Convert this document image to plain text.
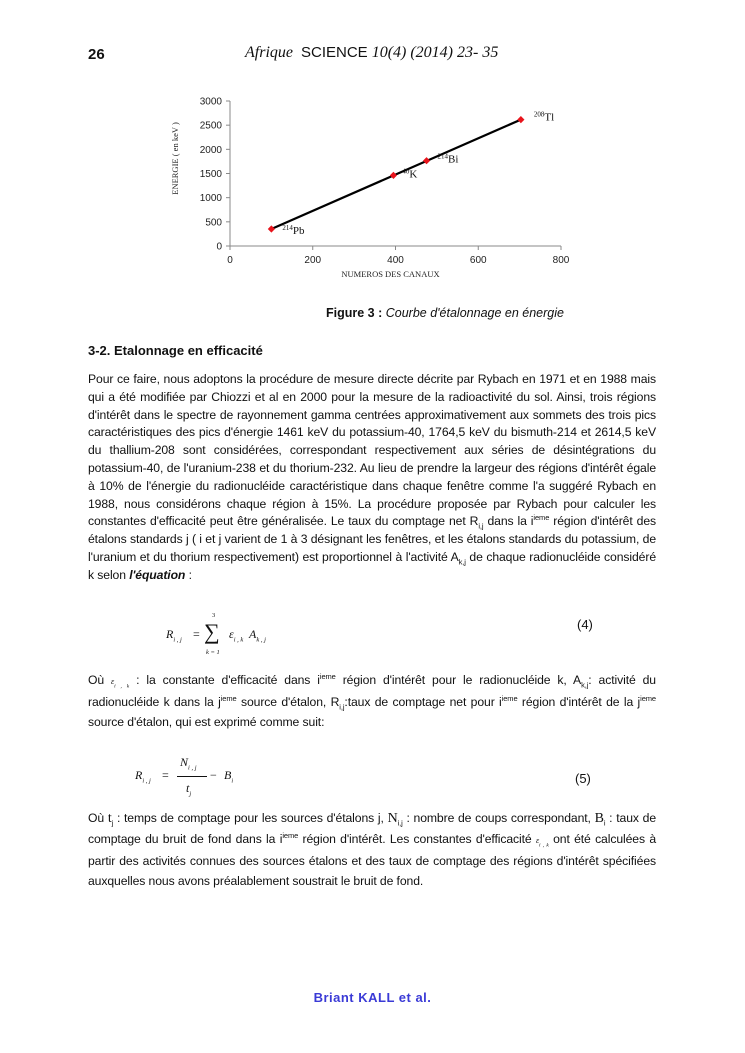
26	Afrique SCIENCE 10(4) (2014) 23- 35
0
500
1000
1500
2000
2500
3000
0	200	400	600	800
NUMEROS DES CANAUX
ENERGIE ( en keV )
$^{214}$Pb
$^{40}$K
$^{214}$Bi
$^{208}$Tl
Figure 3 : Courbe d'étalonnage en énergie
3-2. Etalonnage en efficacité
Pour ce faire, nous adoptons la procédure de mesure directe décrite par Rybach en 1971 et en 1988 mais qui a été modifiée par Chiozzi et al en 2000 pour la mesure de la radioactivité du sol. Ainsi, trois régions d'intérêt dans le spectre de rayonnement gamma centrées approximativement aux sommets des trois pics caractéristiques des pics d'énergie 1461 keV du potassium-40, 1764,5 keV du bismuth-214 et 2614,5 keV du thallium-208 sont considérées, correspondant respectivement aux séries de désintégrations du potassium-40, de l'uranium-238 et du thorium-232. Au lieu de prendre la largeur des régions d'intérêt égale à 10% de l'énergie du radionucléide caractéristique dans chaque fenêtre comme l'a suggéré Rybach en 1988, nous considérons chaque région à 15%. La procédure proposée par Rybach pour calculer les constantes d'efficacité peut être généralisée. Le taux du comptage net $R_{i,j}$ dans la $i^{ieme}$ région d'intérêt des étalons standards j ( i et j varient de 1 à 3 désignant les fenêtres, et les étalons standards du potassium, de l'uranium et du thorium respectivement) est proportionnel à l'activité $A_{k,j}$ de chaque radionucléide considéré k selon l'équation :
$R_{i , j}$ =
3
∑
k = 1
$\varepsilon_{i , k}$ $A_{k , j}$
(4)
Où $\varepsilon_{i , k}$ : la constante d'efficacité dans $i^{ieme}$ région d'intérêt pour le radionucléide k, $A_{k,j}$: activité du radionucléide k dans la $j^{ieme}$ source d'étalon, $R_{i,j}:taux$ de comptage net pour $i^{ieme}$ région d'intérêt de la $j^{ieme}$ source d'étalon, qui est exprimé comme suit:
$R_{i , j}$ =
$N_{i , j}$
$t_j$
− $B_i$	(5)
Où $t_j$ : temps de comptage pour les sources d'étalons j, $N_{i,j}$ : nombre de coups correspondant, $B_i$ : taux de comptage du bruit de fond dans la $i^{ieme}$ région d'intérêt. Les constantes d'efficacité $\varepsilon_{i , k}$ ont été calculées à partir des activités connues des sources étalons et des taux de comptage des régions d'intérêt spécifiées auxquelles nous avons préalablement soustrait le bruit de fond.
Briant KALL et al.
